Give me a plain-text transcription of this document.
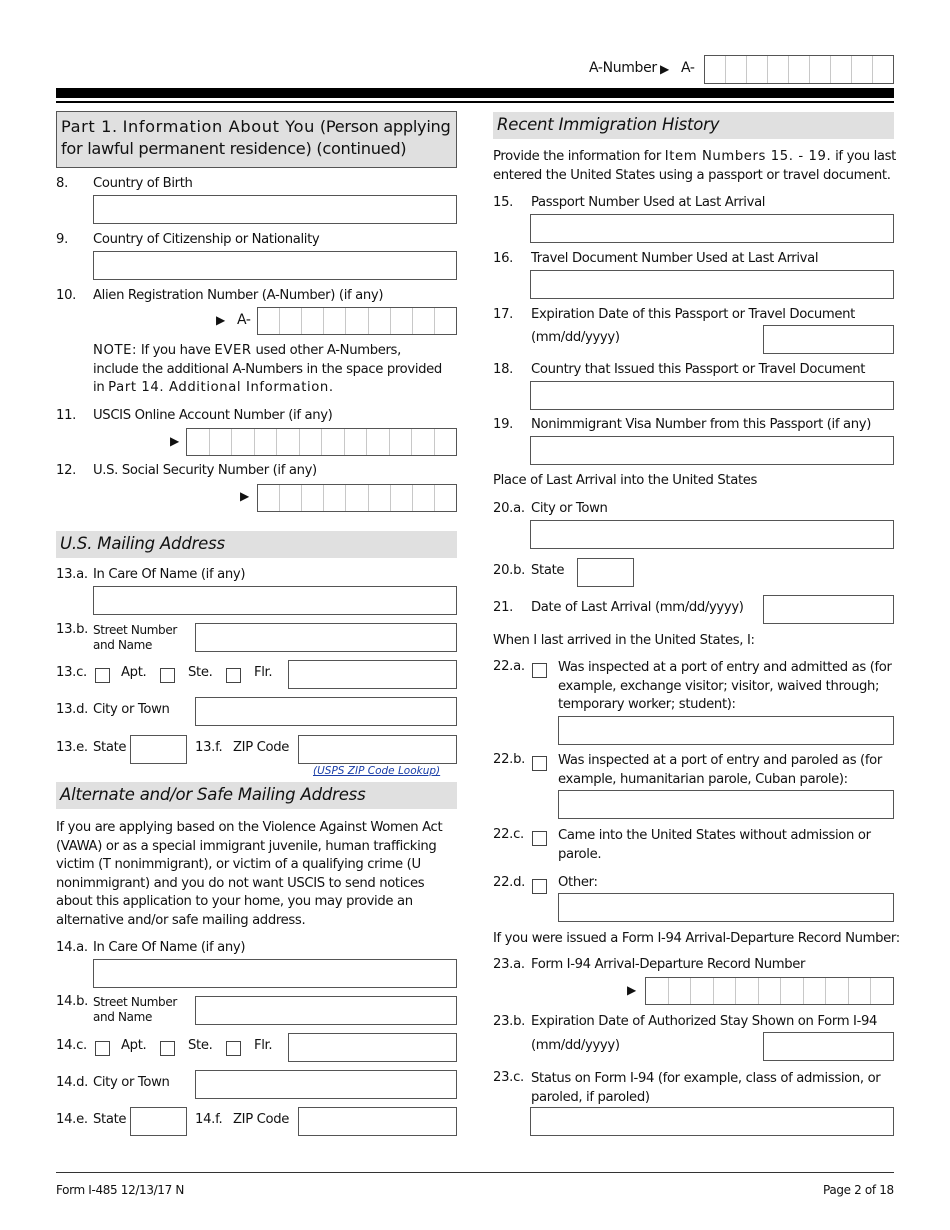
A-Number ▶ A-
Part 1. Information About You (Person applying
for lawful permanent residence) (continued)
8. Country of Birth
9. Country of Citizenship or Nationality
10. Alien Registration Number (A-Number) (if any)
▶ A-
NOTE: If you have EVER used other A-Numbers,
include the additional A-Numbers in the space provided
in Part 14. Additional Information.
11. USCIS Online Account Number (if any)
▶
12. U.S. Social Security Number (if any)
▶
U.S. Mailing Address
13.a. In Care Of Name (if any)
13.b. Street Number
and Name
13.c.	Apt.	Ste.	Flr.
13.d. City or Town
13.e. State	13.f. ZIP Code
(USPS ZIP Code Lookup)
Alternate and/or Safe Mailing Address
If you are applying based on the Violence Against Women Act
(VAWA) or as a special immigrant juvenile, human trafficking
victim (T nonimmigrant), or victim of a qualifying crime (U
nonimmigrant) and you do not want USCIS to send notices
about this application to your home, you may provide an
alternative and/or safe mailing address.
14.a. In Care Of Name (if any)
14.b. Street Number
and Name
14.c.	Apt.	Ste.	Flr.
14.d. City or Town
14.e. State	14.f. ZIP Code
Recent Immigration History
Provide the information for Item Numbers 15. - 19. if you last
entered the United States using a passport or travel document.
15. Passport Number Used at Last Arrival
16. Travel Document Number Used at Last Arrival
17. Expiration Date of this Passport or Travel Document
(mm/dd/yyyy)
18. Country that Issued this Passport or Travel Document
19. Nonimmigrant Visa Number from this Passport (if any)
Place of Last Arrival into the United States
20.a. City or Town
20.b. State
21. Date of Last Arrival (mm/dd/yyyy)
When I last arrived in the United States, I:
22.a.	Was inspected at a port of entry and admitted as (for
example, exchange visitor; visitor, waived through;
temporary worker; student):
22.b. Was inspected at a port of entry and paroled as (for
example, humanitarian parole, Cuban parole):
22.c.	Came into the United States without admission or
parole.
22.d. Other:
If you were issued a Form I-94 Arrival-Departure Record Number:
23.a. Form I-94 Arrival-Departure Record Number
▶
23.b. Expiration Date of Authorized Stay Shown on Form I-94
(mm/dd/yyyy)
23.c. Status on Form I-94 (for example, class of admission, or
paroled, if paroled)
Form I-485 12/13/17 N	Page 2 of 18
